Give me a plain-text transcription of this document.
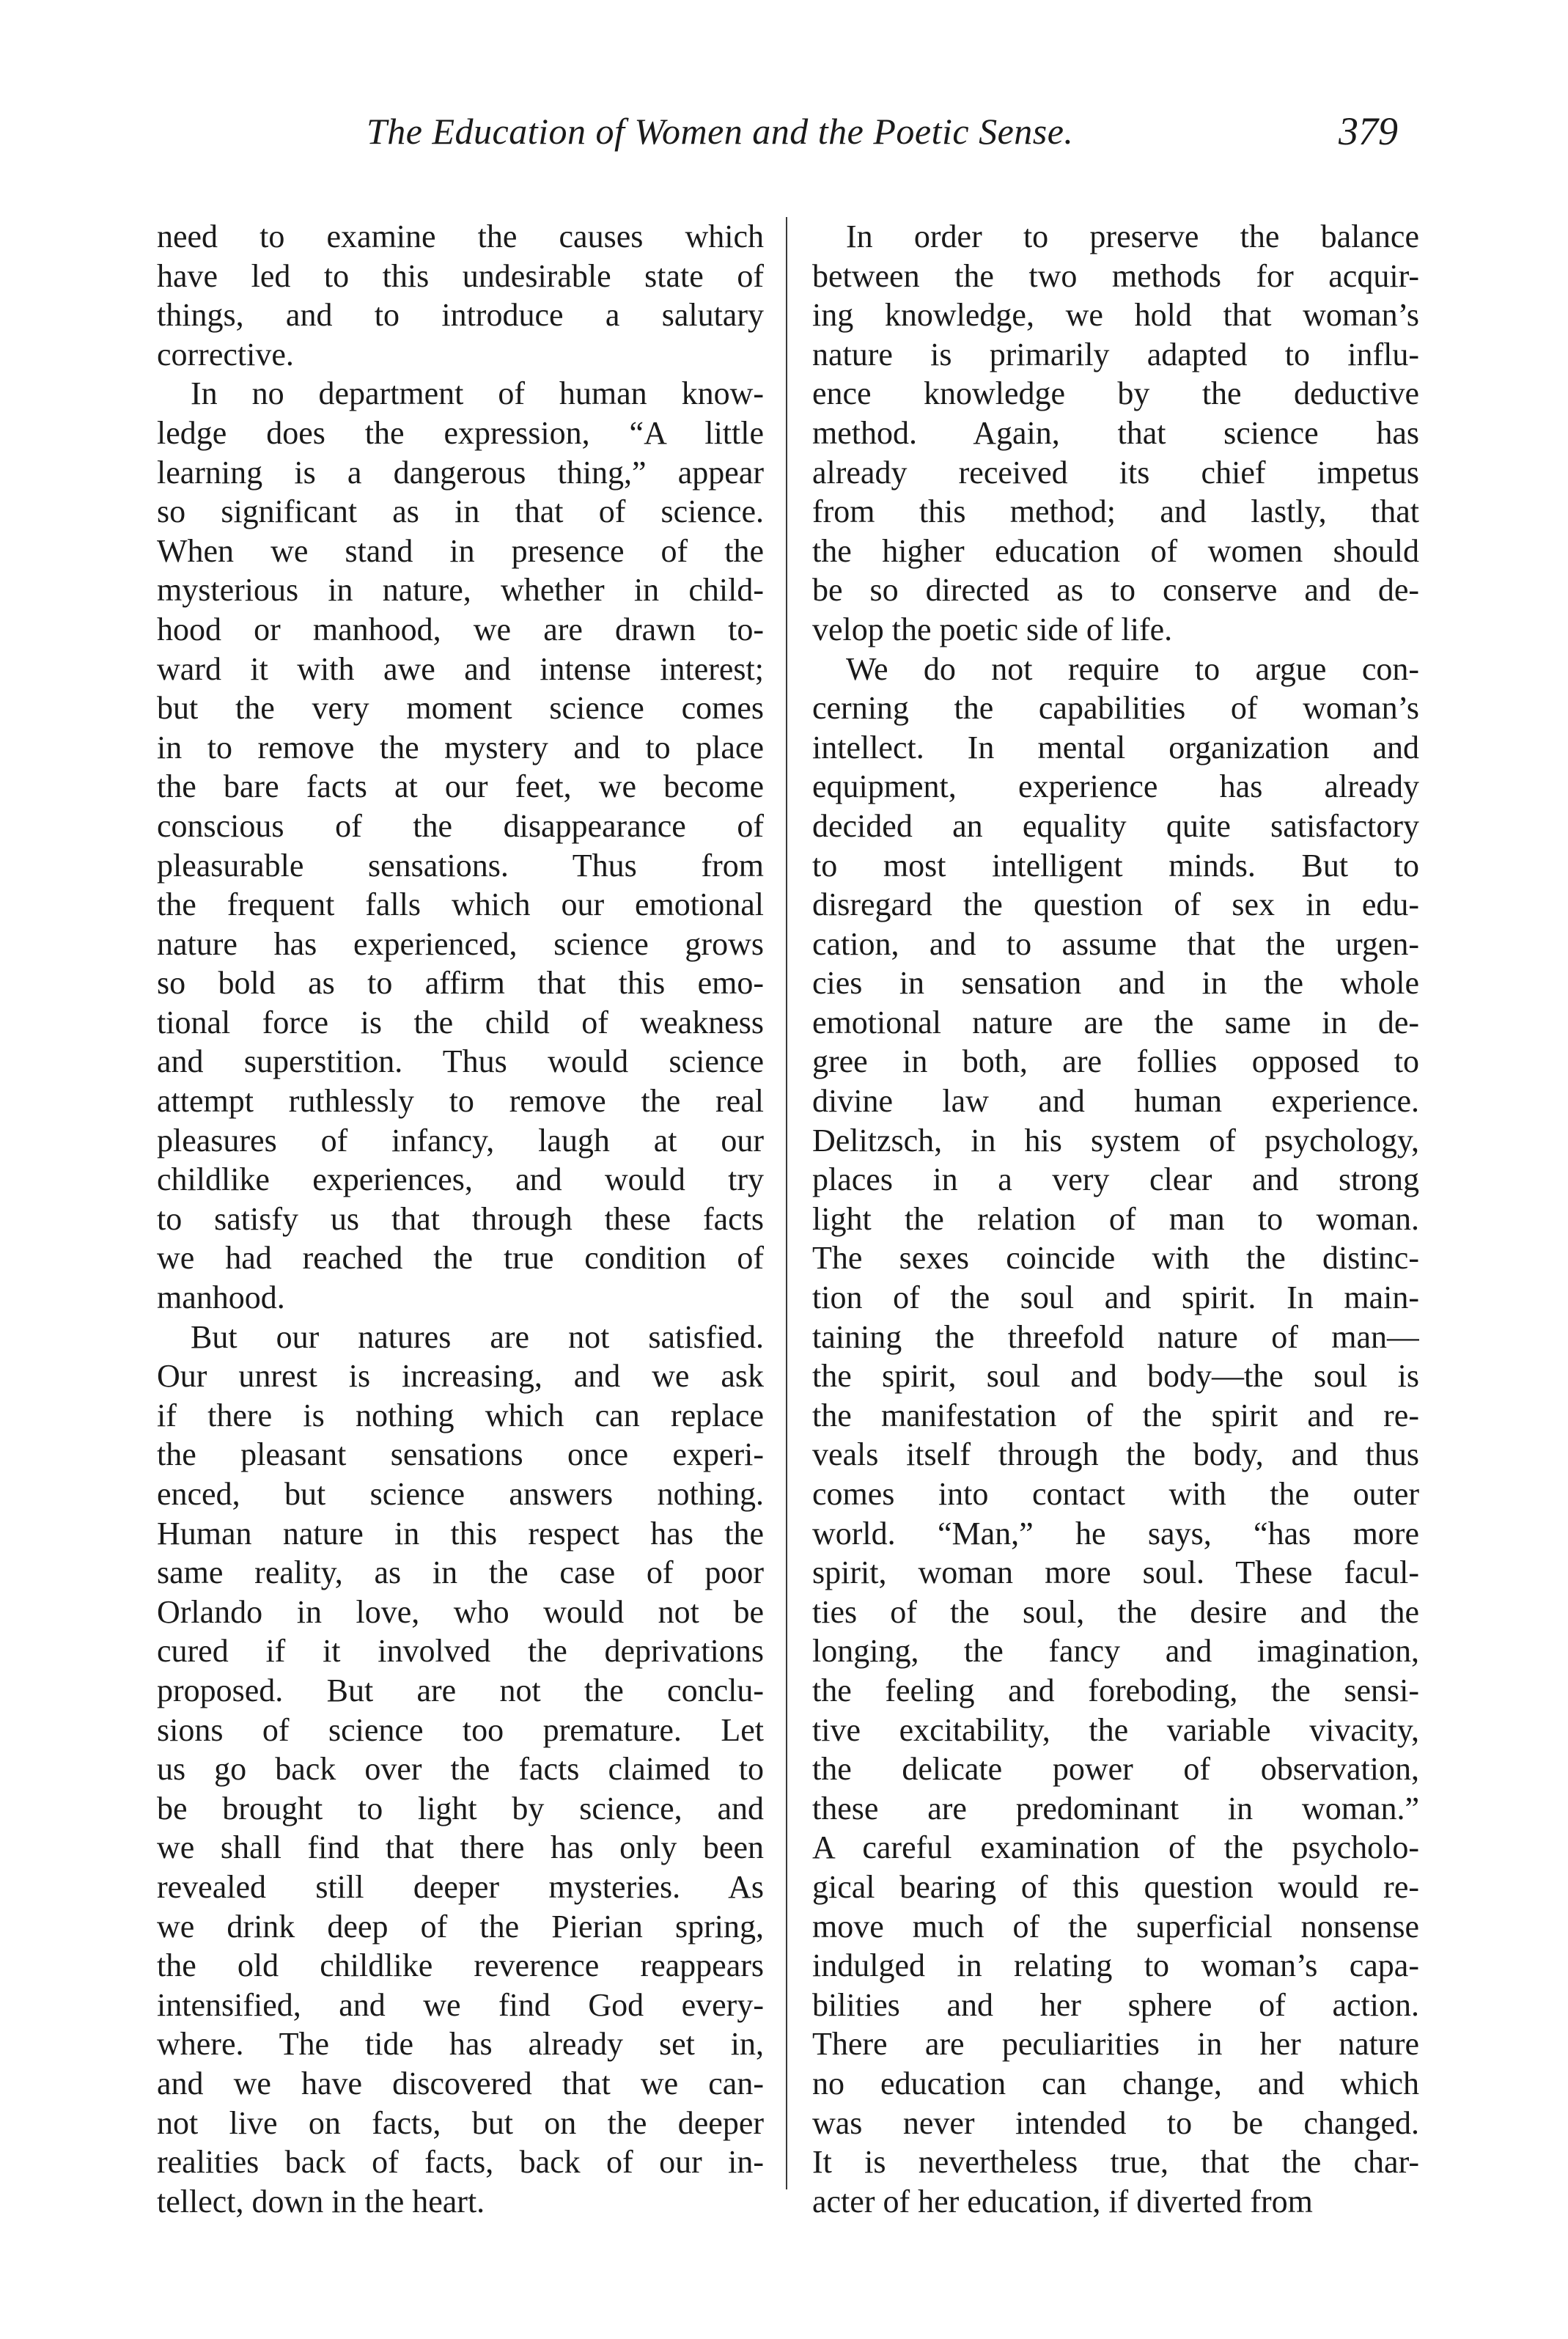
The Education of Women and the Poetic Sense.	379
need to examine the causes which
have led to this undesirable state of
things, and to introduce a salutary
corrective.
In no department of human know-
ledge does the expression, “A little
learning is a dangerous thing,” appear
so significant as in that of science.
When we stand in presence of the
mysterious in nature, whether in child-
hood or manhood, we are drawn to-
ward it with awe and intense interest;
but the very moment science comes
in to remove the mystery and to place
the bare facts at our feet, we become
conscious of the disappearance of
pleasurable sensations. Thus from
the frequent falls which our emotional
nature has experienced, science grows
so bold as to affirm that this emo-
tional force is the child of weakness
and superstition. Thus would science
attempt ruthlessly to remove the real
pleasures of infancy, laugh at our
childlike experiences, and would try
to satisfy us that through these facts
we had reached the true condition of
manhood.
But our natures are not satisfied.
Our unrest is increasing, and we ask
if there is nothing which can replace
the pleasant sensations once experi-
enced, but science answers nothing.
Human nature in this respect has the
same reality, as in the case of poor
Orlando in love, who would not be
cured if it involved the deprivations
proposed. But are not the conclu-
sions of science too premature. Let
us go back over the facts claimed to
be brought to light by science, and
we shall find that there has only been
revealed still deeper mysteries. As
we drink deep of the Pierian spring,
the old childlike reverence reappears
intensified, and we find God every-
where. The tide has already set in,
and we have discovered that we can-
not live on facts, but on the deeper
realities back of facts, back of our in-
tellect, down in the heart.
In order to preserve the balance
between the two methods for acquir-
ing knowledge, we hold that woman’s
nature is primarily adapted to influ-
ence knowledge by the deductive
method. Again, that science has
already received its chief impetus
from this method; and lastly, that
the higher education of women should
be so directed as to conserve and de-
velop the poetic side of life.
We do not require to argue con-
cerning the capabilities of woman’s
intellect. In mental organization and
equipment, experience has already
decided an equality quite satisfactory
to most intelligent minds. But to
disregard the question of sex in edu-
cation, and to assume that the urgen-
cies in sensation and in the whole
emotional nature are the same in de-
gree in both, are follies opposed to
divine law and human experience.
Delitzsch, in his system of psychology,
places in a very clear and strong
light the relation of man to woman.
The sexes coincide with the distinc-
tion of the soul and spirit. In main-
taining the threefold nature of man—
the spirit, soul and body—the soul is
the manifestation of the spirit and re-
veals itself through the body, and thus
comes into contact with the outer
world. “Man,” he says, “has more
spirit, woman more soul. These facul-
ties of the soul, the desire and the
longing, the fancy and imagination,
the feeling and foreboding, the sensi-
tive excitability, the variable vivacity,
the delicate power of observation,
these are predominant in woman.”
A careful examination of the psycholo-
gical bearing of this question would re-
move much of the superficial nonsense
indulged in relating to woman’s capa-
bilities and her sphere of action.
There are peculiarities in her nature
no education can change, and which
was never intended to be changed.
It is nevertheless true, that the char-
acter of her education, if diverted from
